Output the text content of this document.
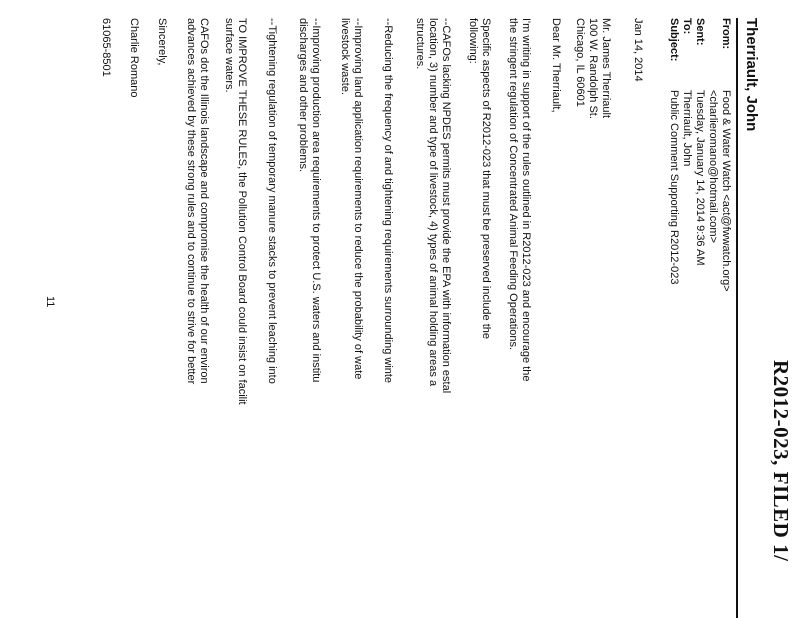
R2012-023, FILED 1/
Therriault, John
From:
Food & Water Watch <act@fwwatch.org>
<charlieromano@hotmail.com>
Sent:
Tuesday, January 14, 2014 9:36 AM
To:
Therriault, John
Subject:
Public Comment Supporting R2012-023
Jan 14, 2014
Mr. James Therriault
100 W. Randolph St.
Chicago, IL 60601
Dear Mr. Therriault,
I'm writing in support of the rules outlined in R2012-023 and encourage the
the stringent regulation of Concentrated Animal Feeding Operations.
Specific aspects of R2012-023 that must be preserved include the
following:
--CAFOs lacking NPDES permits must provide the EPA with information estal
location, 3) number and type of livestock, 4) types of animal holding areas a
structures.
--Reducing the frequency of and tightening requirements surrounding winte
--Improving land application requirements to reduce the probability of wate
livestock waste.
--Improving production area requirements to protect U.S. waters and institu
discharges and other problems.
--Tightening regulation of temporary manure stacks to prevent leaching into
TO IMPROVE THESE RULES, the Pollution Control Board could insist on facilit
surface waters.
CAFOs dot the Illinois landscape and compromise the health of our environ
advances achieved by these strong rules and to continue to strive for better
Sincerely,
Charlie Romano
61065-8501
11
